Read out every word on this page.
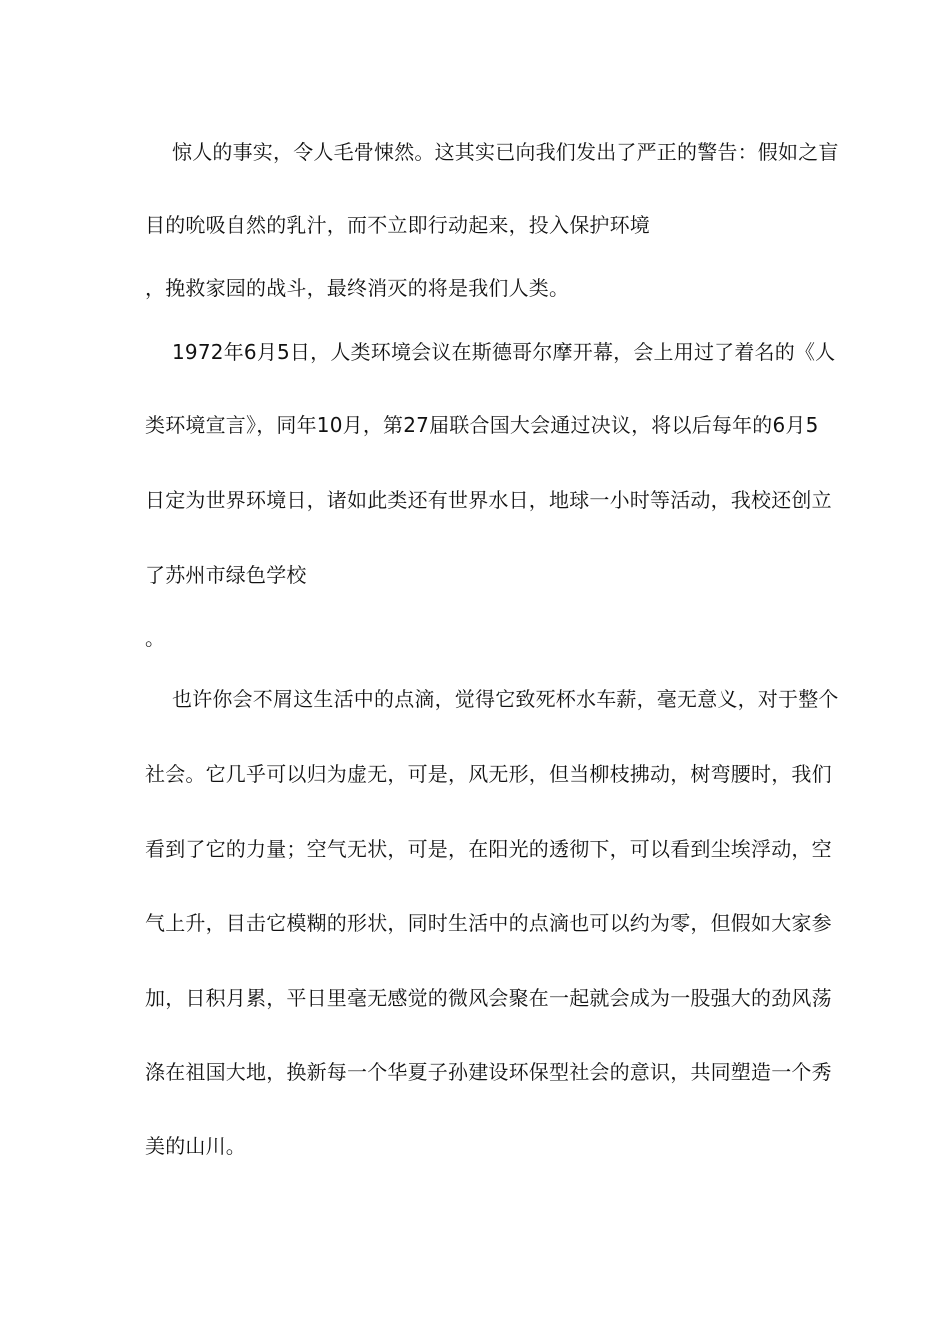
惊人的事实，令人毛骨悚然。这其实已向我们发出了严正的警告：假如之盲
目的吮吸自然的乳汁，而不立即行动起来，投入保护环境
，挽救家园的战斗，最终消灭的将是我们人类。
1972年6月5日，人类环境会议在斯德哥尔摩开幕，会上用过了着名的《人
类环境宣言》，同年10月，第27届联合国大会通过决议，将以后每年的6月5
日定为世界环境日，诸如此类还有世界水日，地球一小时等活动，我校还创立
了苏州市绿色学校
。
也许你会不屑这生活中的点滴，觉得它致死杯水车薪，毫无意义，对于整个
社会。它几乎可以归为虚无，可是，风无形，但当柳枝拂动，树弯腰时，我们
看到了它的力量；空气无状，可是，在阳光的透彻下，可以看到尘埃浮动，空
气上升，目击它模糊的形状，同时生活中的点滴也可以约为零，但假如大家参
加，日积月累，平日里毫无感觉的微风会聚在一起就会成为一股强大的劲风荡
涤在祖国大地，换新每一个华夏子孙建设环保型社会的意识，共同塑造一个秀
美的山川。
